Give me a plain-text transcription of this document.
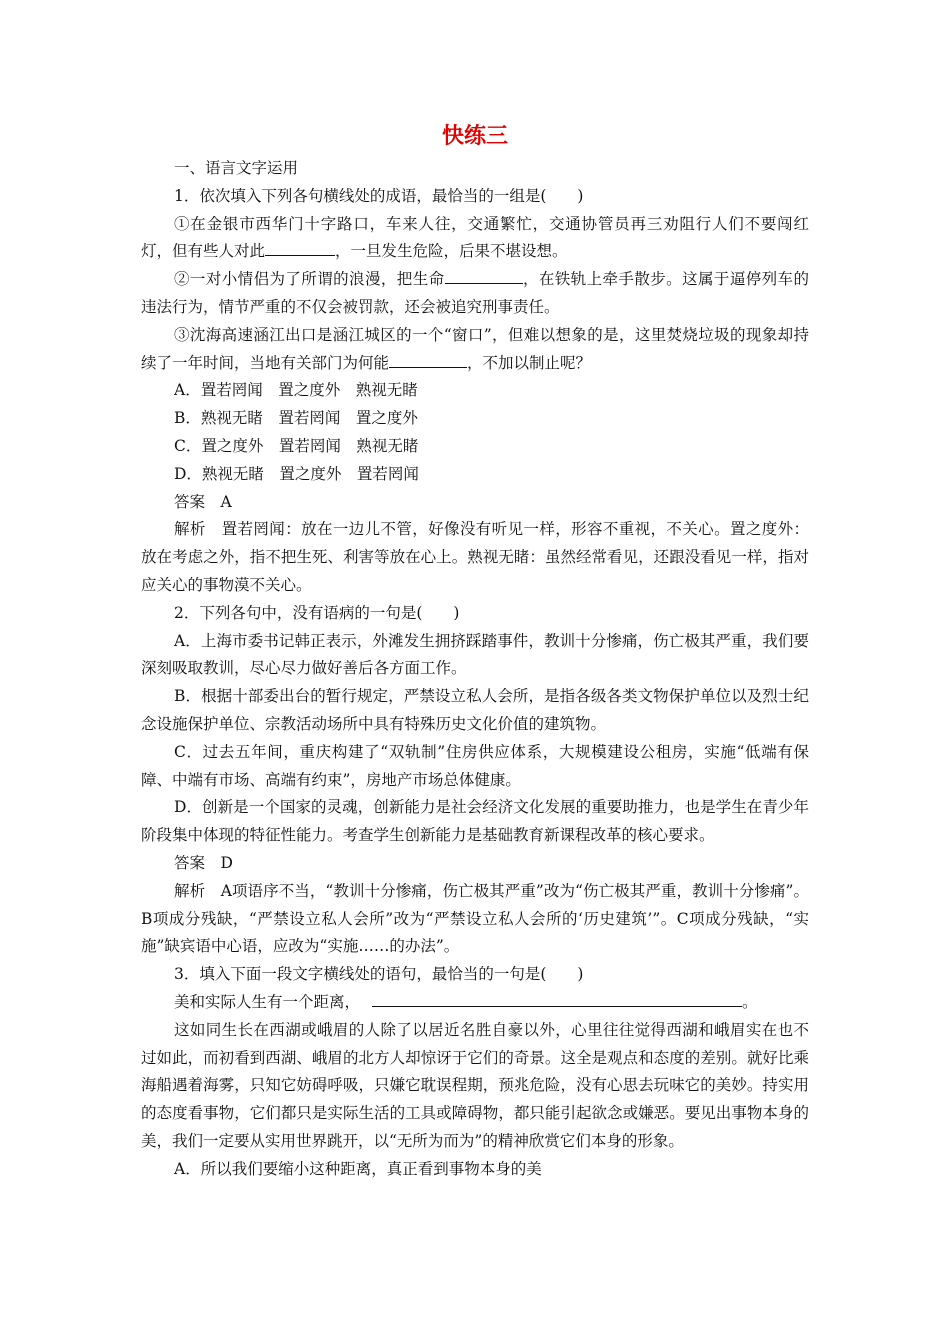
快练三

一、语言文字运用

1．依次填入下列各句横线处的成语，最恰当的一组是(　　)

①在金银市西华门十字路口，车来人往，交通繁忙，交通协管员再三劝阻行人们不要闯红灯，但有些人对此	，一旦发生危险，后果不堪设想。

②一对小情侣为了所谓的浪漫，把生命	，在铁轨上牵手散步。这属于逼停列车的违法行为，情节严重的不仅会被罚款，还会被追究刑事责任。

③沈海高速涵江出口是涵江城区的一个“窗口”，但难以想象的是，这里焚烧垃圾的现象却持续了一年时间，当地有关部门为何能	，不加以制止呢？

A．置若罔闻　置之度外　熟视无睹

B．熟视无睹　置若罔闻　置之度外

C．置之度外　置若罔闻　熟视无睹

D．熟视无睹　置之度外　置若罔闻

答案　A

解析　置若罔闻：放在一边儿不管，好像没有听见一样，形容不重视，不关心。置之度外：放在考虑之外，指不把生死、利害等放在心上。熟视无睹：虽然经常看见，还跟没看见一样，指对应关心的事物漠不关心。

2．下列各句中，没有语病的一句是(　　)

A．上海市委书记韩正表示，外滩发生拥挤踩踏事件，教训十分惨痛，伤亡极其严重，我们要深刻吸取教训，尽心尽力做好善后各方面工作。

B．根据十部委出台的暂行规定，严禁设立私人会所，是指各级各类文物保护单位以及烈士纪念设施保护单位、宗教活动场所中具有特殊历史文化价值的建筑物。

C．过去五年间，重庆构建了“双轨制”住房供应体系，大规模建设公租房，实施“低端有保障、中端有市场、高端有约束”，房地产市场总体健康。

D．创新是一个国家的灵魂，创新能力是社会经济文化发展的重要助推力，也是学生在青少年阶段集中体现的特征性能力。考查学生创新能力是基础教育新课程改革的核心要求。

答案　D

解析　A项语序不当，“教训十分惨痛，伤亡极其严重”改为“伤亡极其严重，教训十分惨痛”。B项成分残缺，“严禁设立私人会所”改为“严禁设立私人会所的‘历史建筑’”。C项成分残缺，“实施”缺宾语中心语，应改为“实施……的办法”。

3．填入下面一段文字横线处的语句，最恰当的一句是(　　)

美和实际人生有一个距离，	。

这如同生长在西湖或峨眉的人除了以居近名胜自豪以外，心里往往觉得西湖和峨眉实在也不过如此，而初看到西湖、峨眉的北方人却惊讶于它们的奇景。这全是观点和态度的差别。就好比乘海船遇着海雾，只知它妨碍呼吸，只嫌它耽误程期，预兆危险，没有心思去玩味它的美妙。持实用的态度看事物，它们都只是实际生活的工具或障碍物，都只能引起欲念或嫌恶。要见出事物本身的美，我们一定要从实用世界跳开，以“无所为而为”的精神欣赏它们本身的形象。

A．所以我们要缩小这种距离，真正看到事物本身的美
